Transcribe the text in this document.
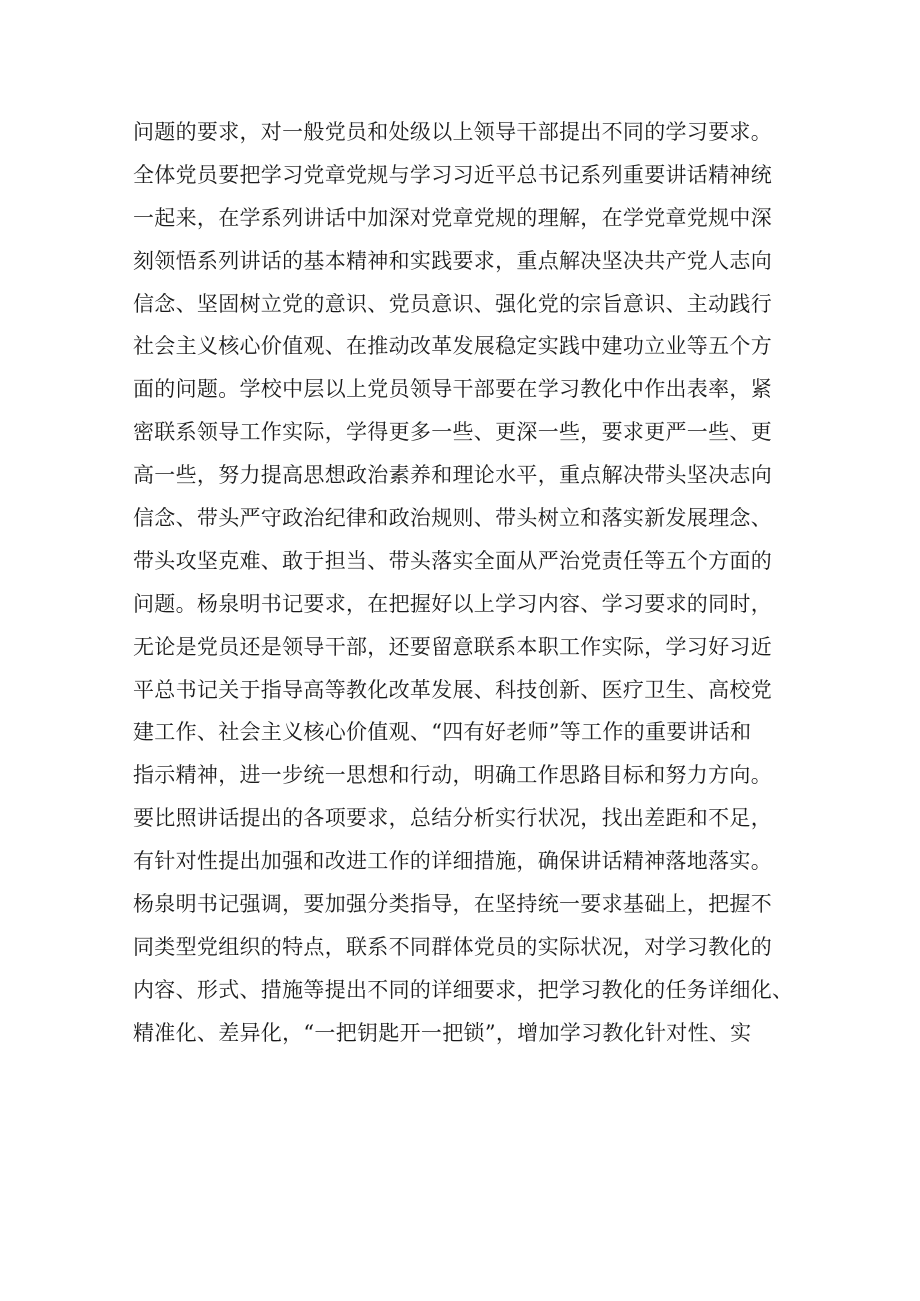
问题的要求，对一般党员和处级以上领导干部提出不同的学习要求。
全体党员要把学习党章党规与学习习近平总书记系列重要讲话精神统
一起来，在学系列讲话中加深对党章党规的理解，在学党章党规中深
刻领悟系列讲话的基本精神和实践要求，重点解决坚决共产党人志向
信念、坚固树立党的意识、党员意识、强化党的宗旨意识、主动践行
社会主义核心价值观、在推动改革发展稳定实践中建功立业等五个方
面的问题。学校中层以上党员领导干部要在学习教化中作出表率，紧
密联系领导工作实际，学得更多一些、更深一些，要求更严一些、更
高一些，努力提高思想政治素养和理论水平，重点解决带头坚决志向
信念、带头严守政治纪律和政治规则、带头树立和落实新发展理念、
带头攻坚克难、敢于担当、带头落实全面从严治党责任等五个方面的
问题。杨泉明书记要求，在把握好以上学习内容、学习要求的同时，
无论是党员还是领导干部，还要留意联系本职工作实际，学习好习近
平总书记关于指导高等教化改革发展、科技创新、医疗卫生、高校党
建工作、社会主义核心价值观、“四有好老师”等工作的重要讲话和
指示精神，进一步统一思想和行动，明确工作思路目标和努力方向。
要比照讲话提出的各项要求，总结分析实行状况，找出差距和不足，
有针对性提出加强和改进工作的详细措施，确保讲话精神落地落实。
杨泉明书记强调，要加强分类指导，在坚持统一要求基础上，把握不
同类型党组织的特点，联系不同群体党员的实际状况，对学习教化的
内容、形式、措施等提出不同的详细要求，把学习教化的任务详细化、
精准化、差异化，“一把钥匙开一把锁”，增加学习教化针对性、实
